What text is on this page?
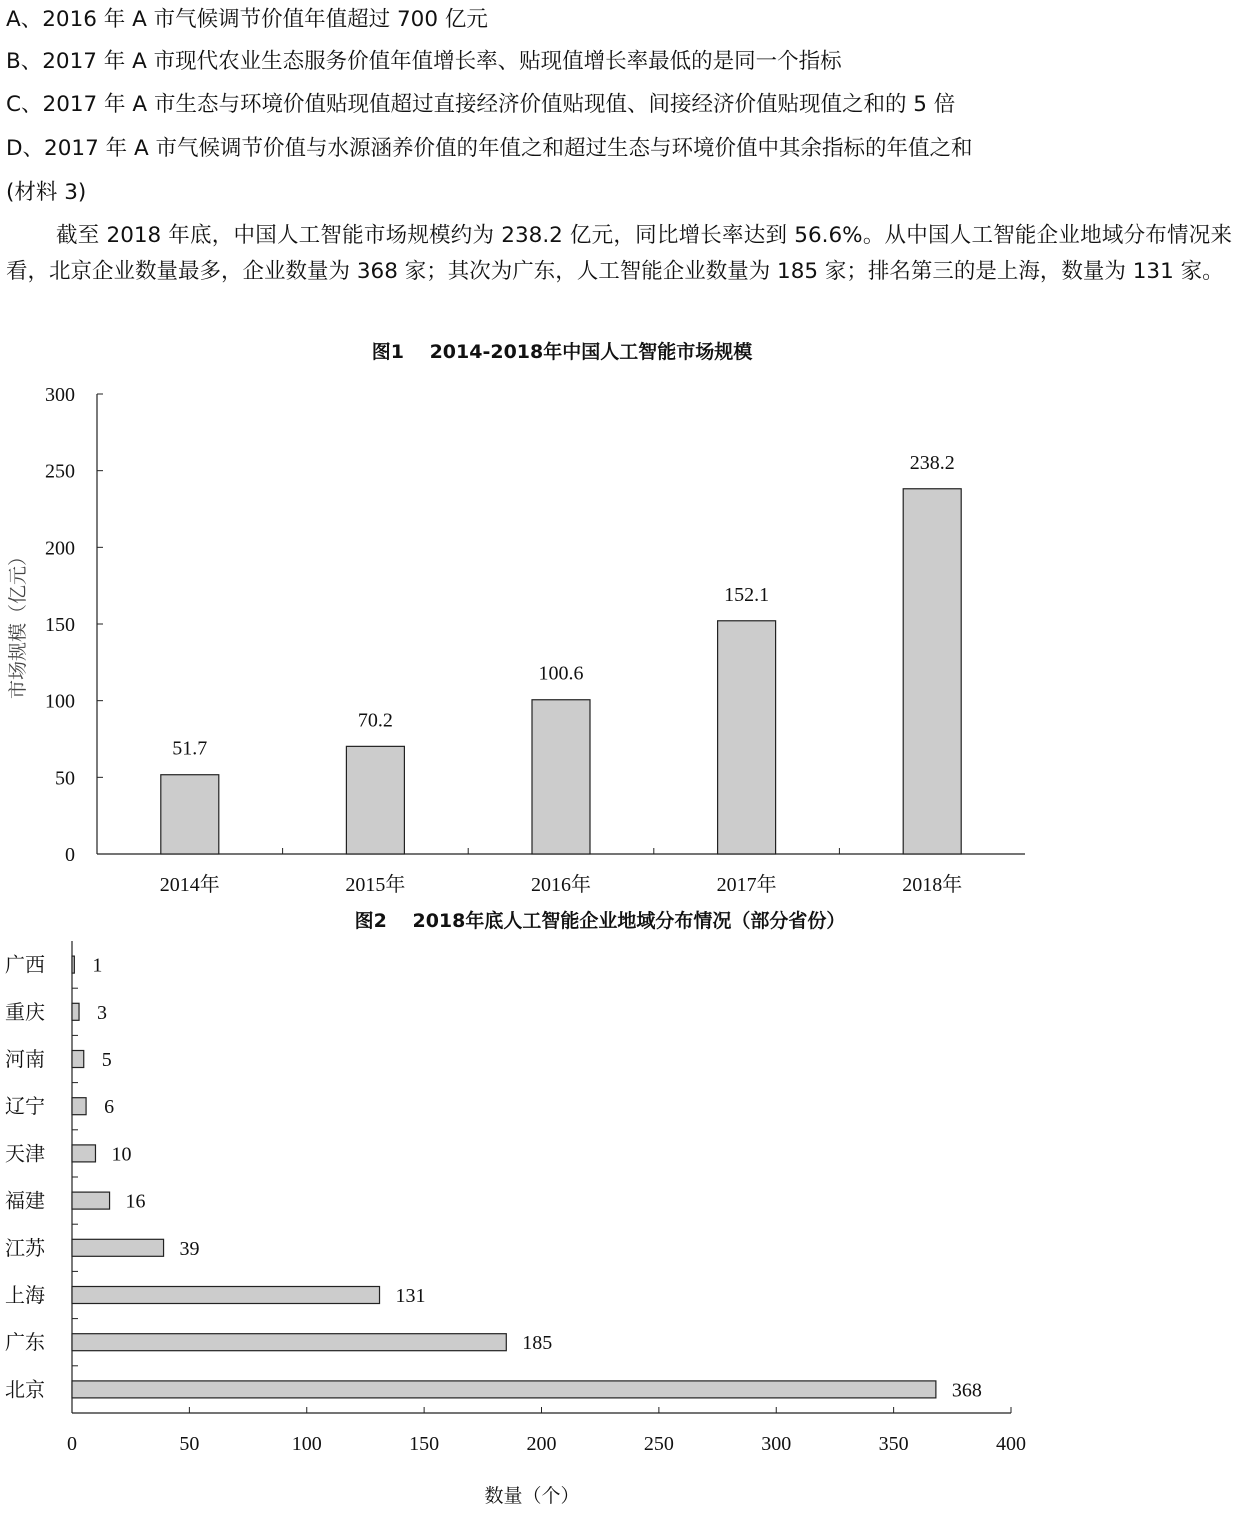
A、2016 年 A 市气候调节价值年值超过 700 亿元

B、2017 年 A 市现代农业生态服务价值年值增长率、贴现值增长率最低的是同一个指标

C、2017 年 A 市生态与环境价值贴现值超过直接经济价值贴现值、间接经济价值贴现值之和的 5 倍

D、2017 年 A 市气候调节价值与水源涵养价值的年值之和超过生态与环境价值中其余指标的年值之和

(材料 3)

截至 2018 年底，中国人工智能市场规模约为 238.2 亿元，同比增长率达到 56.6%。从中国人工智能企业地域分布情况来看，北京企业数量最多，企业数量为 368 家；其次为广东，人工智能企业数量为 185 家；排名第三的是上海，数量为 131 家。

图1　 2014-2018年中国人工智能市场规模
市场规模（亿元）
0
50
100
150
200
250
300
2014年	2015年	2016年	2017年	2018年
51.7
70.2
100.6
152.1
238.2
图2　 2018年底人工智能企业地域分布情况（部分省份）
数量（个）
0	50	100	150	200	250	300	350	400
广西
重庆
河南
辽宁
天津
福建
江苏
上海
广东
北京
1
3
5
6
10
16
39
131
185
368
